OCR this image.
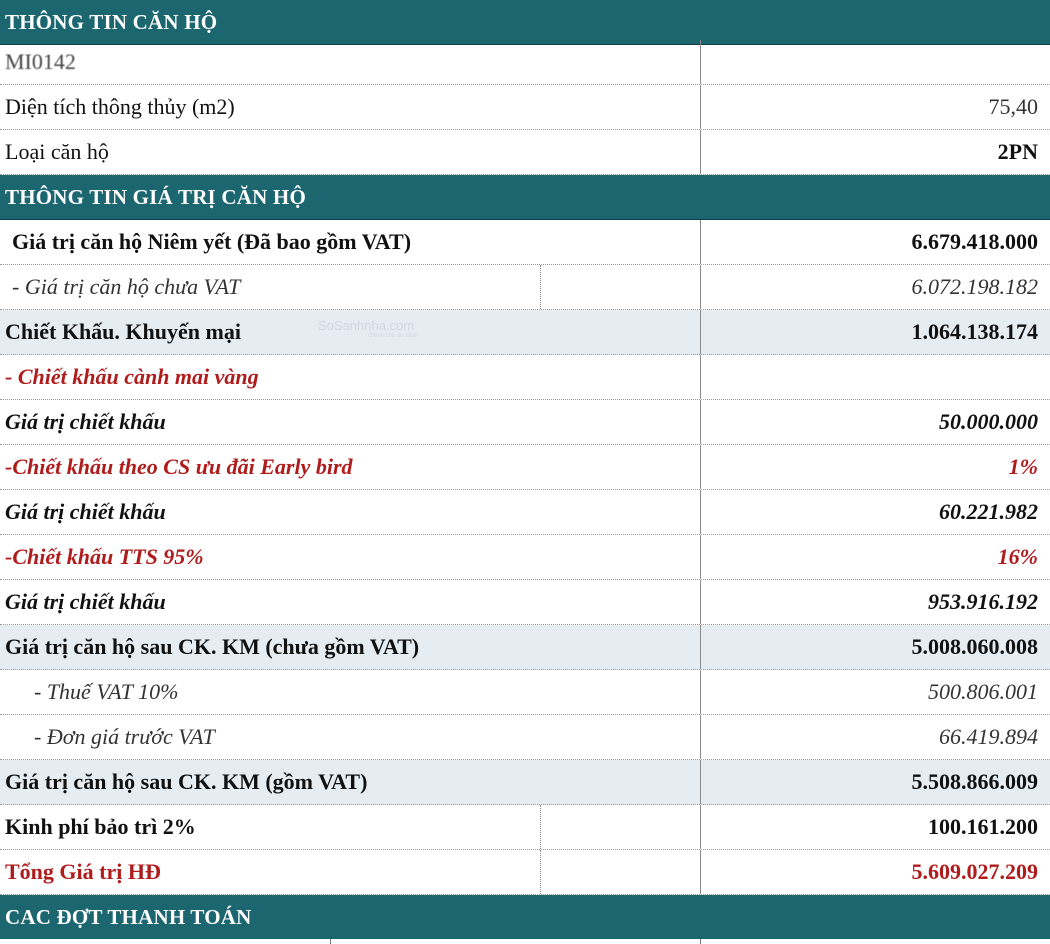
THÔNG TIN CĂN HỘ
MI0142
Diện tích thông thủy (m2)	75,40
Loại căn hộ	2PN
THÔNG TIN GIÁ TRỊ CĂN HỘ
Giá trị căn hộ Niêm yết (Đã bao gồm VAT)	6.679.418.000
- Giá trị căn hộ chưa VAT	6.072.198.182
Chiết Khấu. Khuyến mại	1.064.138.174
- Chiết khấu cành mai vàng
Giá trị chiết khấu	50.000.000
-Chiết khấu theo CS ưu đãi Early bird	1%
Giá trị chiết khấu	60.221.982
-Chiết khấu TTS 95%	16%
Giá trị chiết khấu	953.916.192
Giá trị căn hộ sau CK. KM (chưa gồm VAT)	5.008.060.008
- Thuế VAT 10%	500.806.001
- Đơn giá trước VAT	66.419.894
Giá trị căn hộ sau CK. KM (gồm VAT)	5.508.866.009
Kinh phí bảo trì 2%	100.161.200
Tổng Giá trị HĐ	5.609.027.209
CAC ĐỢT THANH TOÁN
SoSanhnha.com
Chính chủ so sánh
